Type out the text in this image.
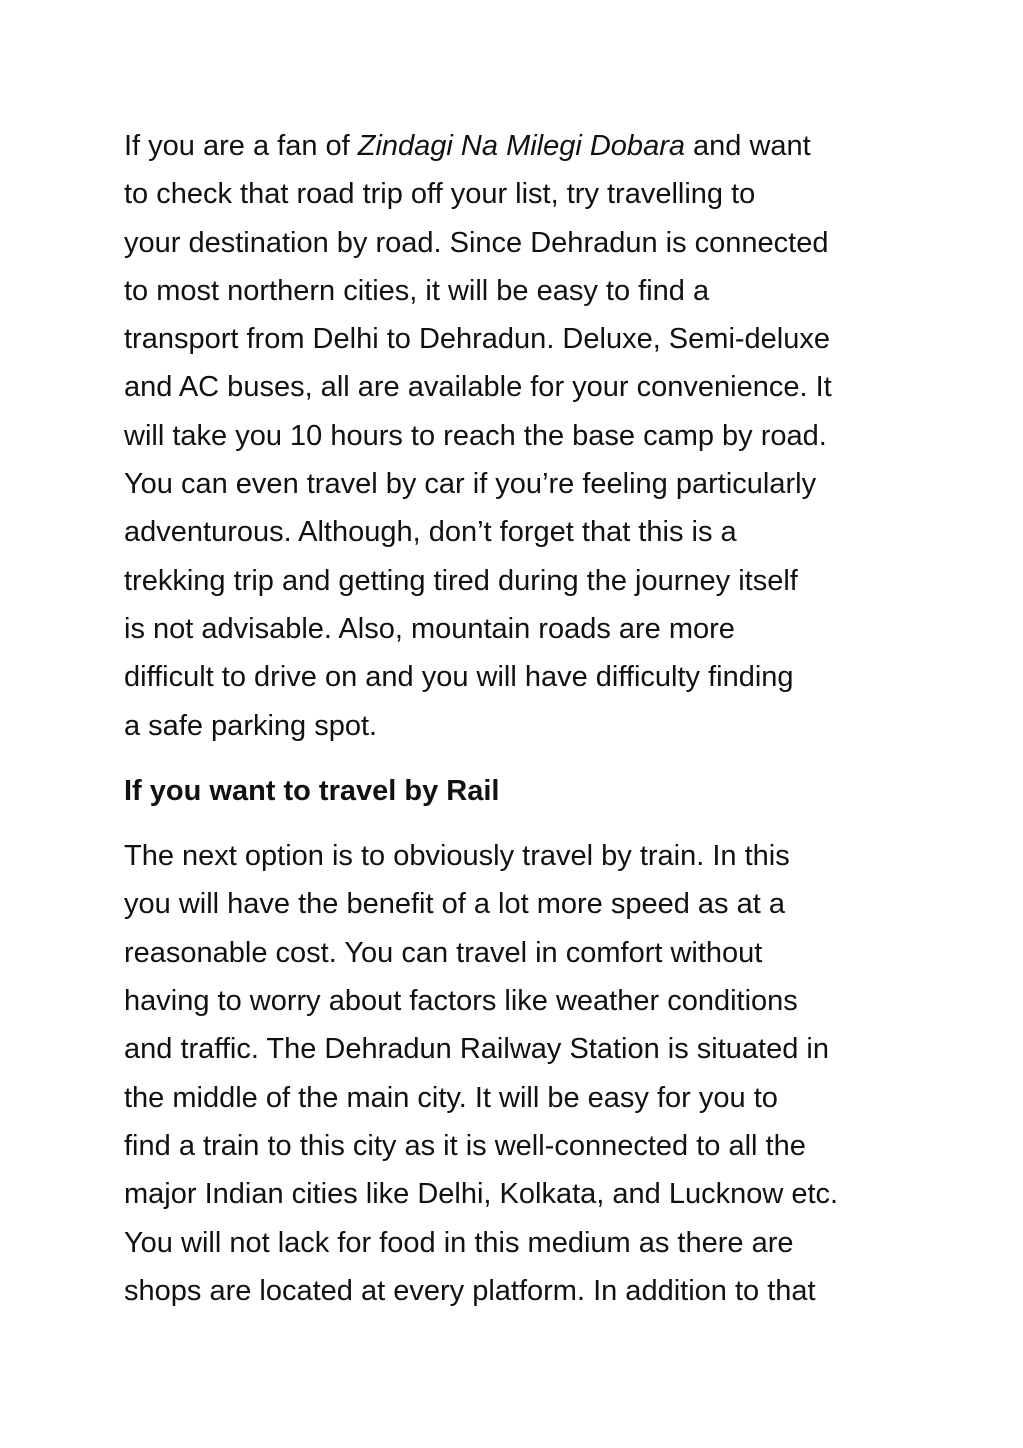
If you are a fan of Zindagi Na Milegi Dobara and want
to check that road trip off your list, try travelling to
your destination by road. Since Dehradun is connected
to most northern cities, it will be easy to find a
transport from Delhi to Dehradun. Deluxe, Semi-deluxe
and AC buses, all are available for your convenience. It
will take you 10 hours to reach the base camp by road.
You can even travel by car if you’re feeling particularly
adventurous. Although, don’t forget that this is a
trekking trip and getting tired during the journey itself
is not advisable. Also, mountain roads are more
difficult to drive on and you will have difficulty finding
a safe parking spot.
If you want to travel by Rail
The next option is to obviously travel by train. In this
you will have the benefit of a lot more speed as at a
reasonable cost. You can travel in comfort without
having to worry about factors like weather conditions
and traffic. The Dehradun Railway Station is situated in
the middle of the main city. It will be easy for you to
find a train to this city as it is well-connected to all the
major Indian cities like Delhi, Kolkata, and Lucknow etc.
You will not lack for food in this medium as there are
shops are located at every platform. In addition to that
